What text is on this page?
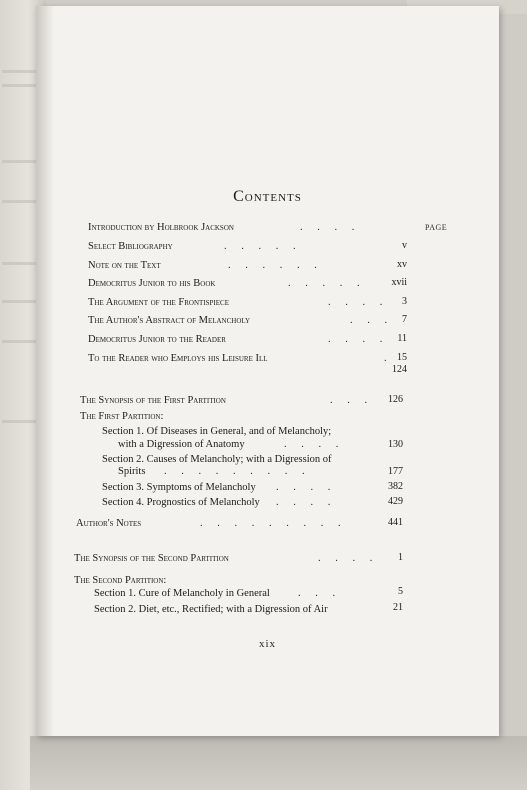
Contents
PAGE
Introduction by Holbrook Jackson	. . . .
Select Bibliography	. . . . .	v
Note on the Text	. . . . . .	xv
Democritus Junior to his Book	. . . . .	xvii
The Argument of the Frontispiece	. . . .	3
The Author's Abstract of Melancholy	. . . 7
Democritus Junior to the Reader	. . . . 11
To the Reader who Employs his Leisure Ill	. 15
124
The Synopsis of the First Partition	. . .	126
The First Partition:
Section 1. Of Diseases in General, and of Melancholy;
with a Digression of Anatomy	. . . .	130
Section 2. Causes of Melancholy; with a Digression of
Spirits . . . . . . . . .	177
Section 3. Symptoms of Melancholy . . . .	382
Section 4. Prognostics of Melancholy . . . .	429
Author's Notes	. . . . . . . . .	441
The Synopsis of the Second Partition	. . . .	1
The Second Partition:
Section 1. Cure of Melancholy in General	. . .	5
Section 2. Diet, etc., Rectified; with a Digression of Air	21
xix
